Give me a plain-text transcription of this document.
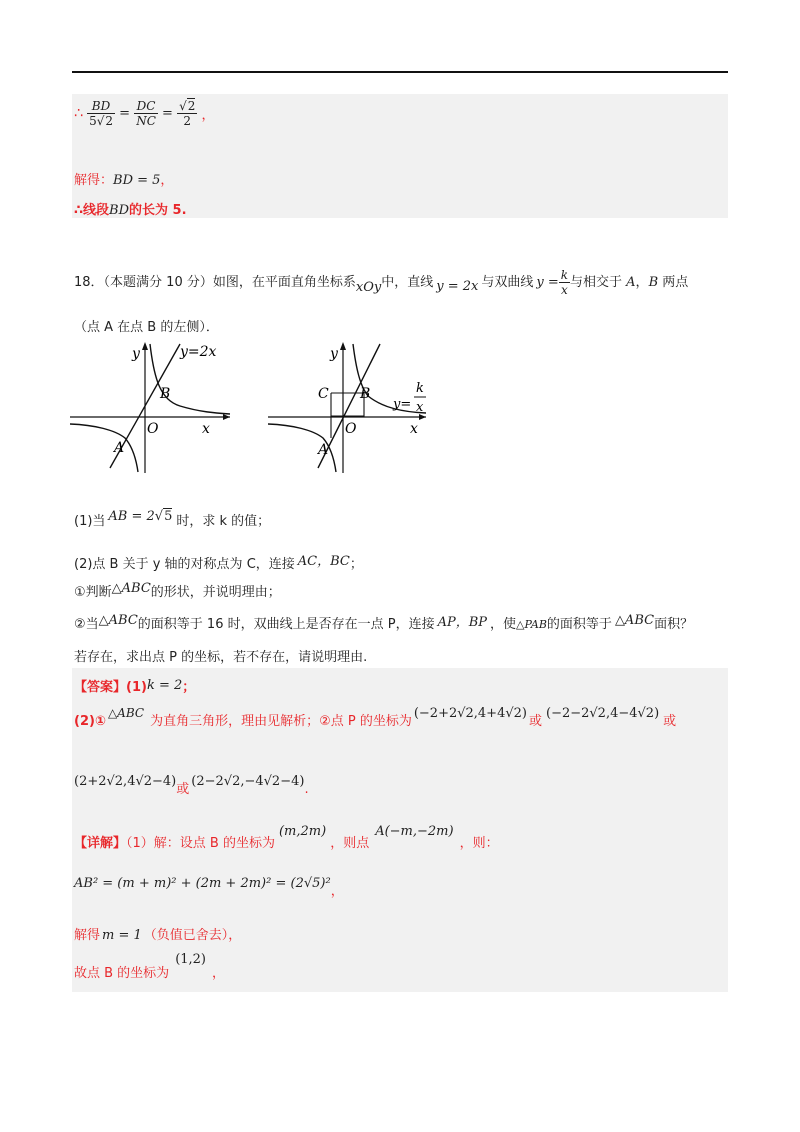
∴ $\frac{BD}{5√2} = \frac{DC}{NC} = \frac{√2}{2}$ ，
解得：BD = 5，
∴线段BD的长为 5.
18．（本题满分 10 分）如图，在平面直角坐标系xOy中，直线 y = 2x 与双曲线 $y = \frac{k}{x}$ 与相交于 A，B 两点
（点 A 在点 B 的左侧）．
y
x
O
A
B
y=2x	y
x
O
A
B
C
y=
k
x
(1)当 AB = 2√5 时，求 k 的值；
(2)点 B 关于 y 轴的对称点为 C，连接 AC，BC；
①判断△ABC的形状，并说明理由；
②当△ABC的面积等于 16 时，双曲线上是否存在一点 P，连接 AP，BP ，使△PAB的面积等于 △ABC面积？
若存在，求出点 P 的坐标，若不存在，请说明理由.
【答案】(1)k = 2；
(2)①△ABC为直角三角形，理由见解析；②点 P 的坐标为(−2+2√2,4+4√2)或(−2−2√2,4−4√2)或
(2+2√2,4√2−4)或(2−2√2,−4√2−4).
【详解】（1）解：设点 B 的坐标为(m,2m)，则点A(−m,−2m)，则：
AB² = (m + m)² + (2m + 2m)² = (2√5)²，
解得 m = 1 （负值已舍去），
故点 B 的坐标为(1,2)，
